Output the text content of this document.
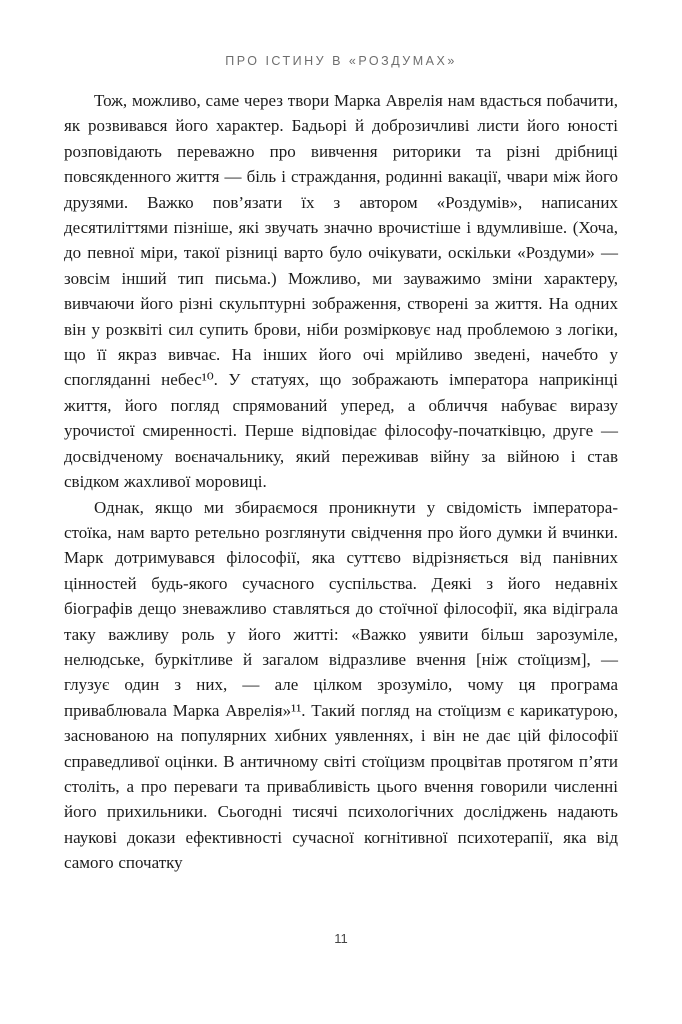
ПРО ІСТИНУ В «РОЗДУМАХ»

Тож, можливо, саме через твори Марка Аврелія нам вдасться побачити, як розвивався його характер. Бадьорі й доброзичливі листи його юності розповідають переважно про вивчення риторики та різні дрібниці повсякденного життя — біль і страждання, родинні вакації, чвари між його друзями. Важко пов’язати їх з автором «Роздумів», написаних десятиліттями пізніше, які звучать значно врочистіше і вдумливіше. (Хоча, до певної міри, такої різниці варто було очікувати, оскільки «Роздуми» — зовсім інший тип письма.) Можливо, ми зауважимо зміни характеру, вивчаючи його різні скульптурні зображення, створені за життя. На одних він у розквіті сил супить брови, ніби розмірковує над проблемою з логіки, що її якраз вивчає. На інших його очі мрійливо зведені, начебто у спогляданні небес¹⁰. У статуях, що зображають імператора наприкінці життя, його погляд спрямований уперед, а обличчя набуває виразу урочистої смиренності. Перше відповідає філософу-початківцю, друге — досвідченому воєначальнику, який переживав війну за війною і став свідком жахливої моровиці.

Однак, якщо ми збираємося проникнути у свідомість імператора-стоїка, нам варто ретельно розглянути свідчення про його думки й вчинки. Марк дотримувався філософії, яка суттєво відрізняється від панівних цінностей будь-якого сучасного суспільства. Деякі з його недавніх біографів дещо зневажливо ставляться до стоїчної філософії, яка відіграла таку важливу роль у його житті: «Важко уявити більш зарозуміле, нелюдське, буркітливе й загалом відразливе вчення [ніж стоїцизм], — глузує один з них, — але цілком зрозуміло, чому ця програма приваблювала Марка Аврелія»¹¹. Такий погляд на стоїцизм є карикатурою, заснованою на популярних хибних уявленнях, і він не дає цій філософії справедливої оцінки. В античному світі стоїцизм процвітав протягом п’яти століть, а про переваги та привабливість цього вчення говорили численні його прихильники. Сьогодні тисячі психологічних досліджень надають наукові докази ефективності сучасної когнітивної психотерапії, яка від самого спочатку

11
